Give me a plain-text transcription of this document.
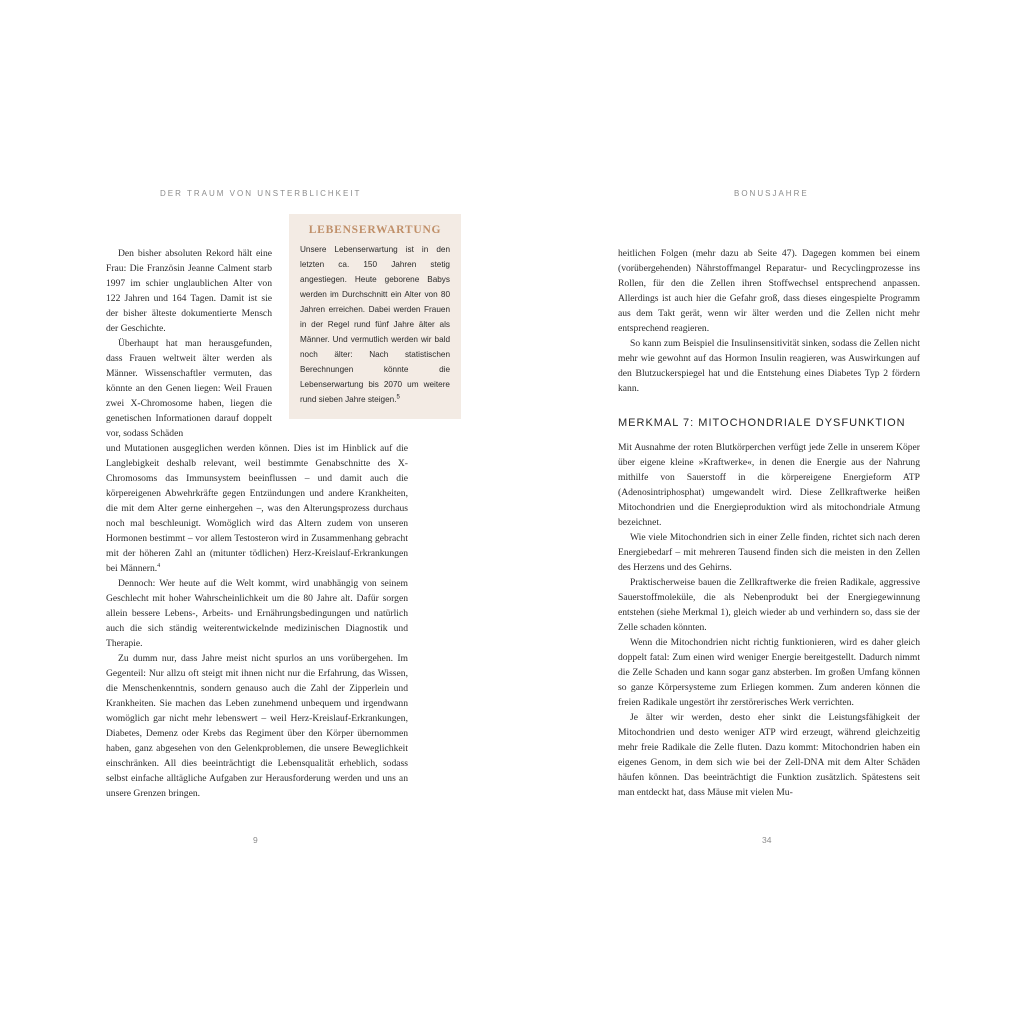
DER TRAUM VON UNSTERBLICHKEIT

LEBENSERWARTUNG

Unsere Lebenserwartung ist in den letzten ca. 150 Jahren stetig angestiegen. Heute geborene Babys werden im Durchschnitt ein Alter von 80 Jahren erreichen. Dabei werden Frauen in der Regel rund fünf Jahre älter als Männer. Und vermutlich werden wir bald noch älter: Nach statistischen Berechnungen könnte die Lebenserwartung bis 2070 um weitere rund sieben Jahre steigen.$^5$

Den bisher absoluten Rekord hält eine Frau: Die Französin Jeanne Calment starb 1997 im schier unglaublichen Alter von 122 Jahren und 164 Tagen. Damit ist sie der bisher älteste dokumentierte Mensch der Geschichte.

Überhaupt hat man herausgefunden, dass Frauen weltweit älter werden als Männer. Wissenschaftler vermuten, das könnte an den Genen liegen: Weil Frauen zwei X-Chromosome haben, liegen die genetischen Informationen darauf doppelt vor, sodass Schäden

und Mutationen ausgeglichen werden können. Dies ist im Hinblick auf die Langlebigkeit deshalb relevant, weil bestimmte Genabschnitte des X-Chromosoms das Immunsystem beeinflussen – und damit auch die körpereigenen Abwehrkräfte gegen Entzündungen und andere Krankheiten, die mit dem Alter gerne einhergehen –, was den Alterungsprozess durchaus noch mal beschleunigt. Womöglich wird das Altern zudem von unseren Hormonen bestimmt – vor allem Testosteron wird in Zusammenhang gebracht mit der höheren Zahl an (mitunter tödlichen) Herz-Kreislauf-Erkrankungen bei Männern.$^4$

Dennoch: Wer heute auf die Welt kommt, wird unabhängig von seinem Geschlecht mit hoher Wahrscheinlichkeit um die 80 Jahre alt. Dafür sorgen allein bessere Lebens-, Arbeits- und Ernährungsbedingungen und natürlich auch die sich ständig weiterentwickelnde medizinischen Diagnostik und Therapie.

Zu dumm nur, dass Jahre meist nicht spurlos an uns vorübergehen. Im Gegenteil: Nur allzu oft steigt mit ihnen nicht nur die Erfahrung, das Wissen, die Menschenkenntnis, sondern genauso auch die Zahl der Zipperlein und Krankheiten. Sie machen das Leben zunehmend unbequem und irgendwann womöglich gar nicht mehr lebenswert – weil Herz-Kreislauf-Erkrankungen, Diabetes, Demenz oder Krebs das Regiment über den Körper übernommen haben, ganz abgesehen von den Gelenkproblemen, die unsere Beweglichkeit einschränken. All dies beeinträchtigt die Lebensqualität erheblich, sodass selbst einfache alltägliche Aufgaben zur Herausforderung werden und uns an unsere Grenzen bringen.

9

BONUSJAHRE

heitlichen Folgen (mehr dazu ab Seite 47). Dagegen kommen bei einem (vorübergehenden) Nährstoffmangel Reparatur- und Recyclingprozesse ins Rollen, für den die Zellen ihren Stoffwechsel entsprechend anpassen. Allerdings ist auch hier die Gefahr groß, dass dieses eingespielte Programm aus dem Takt gerät, wenn wir älter werden und die Zellen nicht mehr entsprechend reagieren.

So kann zum Beispiel die Insulinsensitivität sinken, sodass die Zellen nicht mehr wie gewohnt auf das Hormon Insulin reagieren, was Auswirkungen auf den Blutzuckerspiegel hat und die Entstehung eines Diabetes Typ 2 fördern kann.

MERKMAL 7: MITOCHONDRIALE DYSFUNKTION

Mit Ausnahme der roten Blutkörperchen verfügt jede Zelle in unserem Köper über eigene kleine »Kraftwerke«, in denen die Energie aus der Nahrung mithilfe von Sauerstoff in die körpereigene Energieform ATP (Adenosintriphosphat) umgewandelt wird. Diese Zellkraftwerke heißen Mitochondrien und die Energieproduktion wird als mitochondriale Atmung bezeichnet.

Wie viele Mitochondrien sich in einer Zelle finden, richtet sich nach deren Energiebedarf – mit mehreren Tausend finden sich die meisten in den Zellen des Herzens und des Gehirns.

Praktischerweise bauen die Zellkraftwerke die freien Radikale, aggressive Sauerstoffmoleküle, die als Nebenprodukt bei der Energiegewinnung entstehen (siehe Merkmal 1), gleich wieder ab und verhindern so, dass sie der Zelle schaden könnten.

Wenn die Mitochondrien nicht richtig funktionieren, wird es daher gleich doppelt fatal: Zum einen wird weniger Energie bereitgestellt. Dadurch nimmt die Zelle Schaden und kann sogar ganz absterben. Im großen Umfang können so ganze Körpersysteme zum Erliegen kommen. Zum anderen können die freien Radikale ungestört ihr zerstörerisches Werk verrichten.

Je älter wir werden, desto eher sinkt die Leistungsfähigkeit der Mitochondrien und desto weniger ATP wird erzeugt, während gleichzeitig mehr freie Radikale die Zelle fluten. Dazu kommt: Mitochondrien haben ein eigenes Genom, in dem sich wie bei der Zell-DNA mit dem Alter Schäden häufen können. Das beeinträchtigt die Funktion zusätzlich. Spätestens seit man entdeckt hat, dass Mäuse mit vielen Mu-

34
